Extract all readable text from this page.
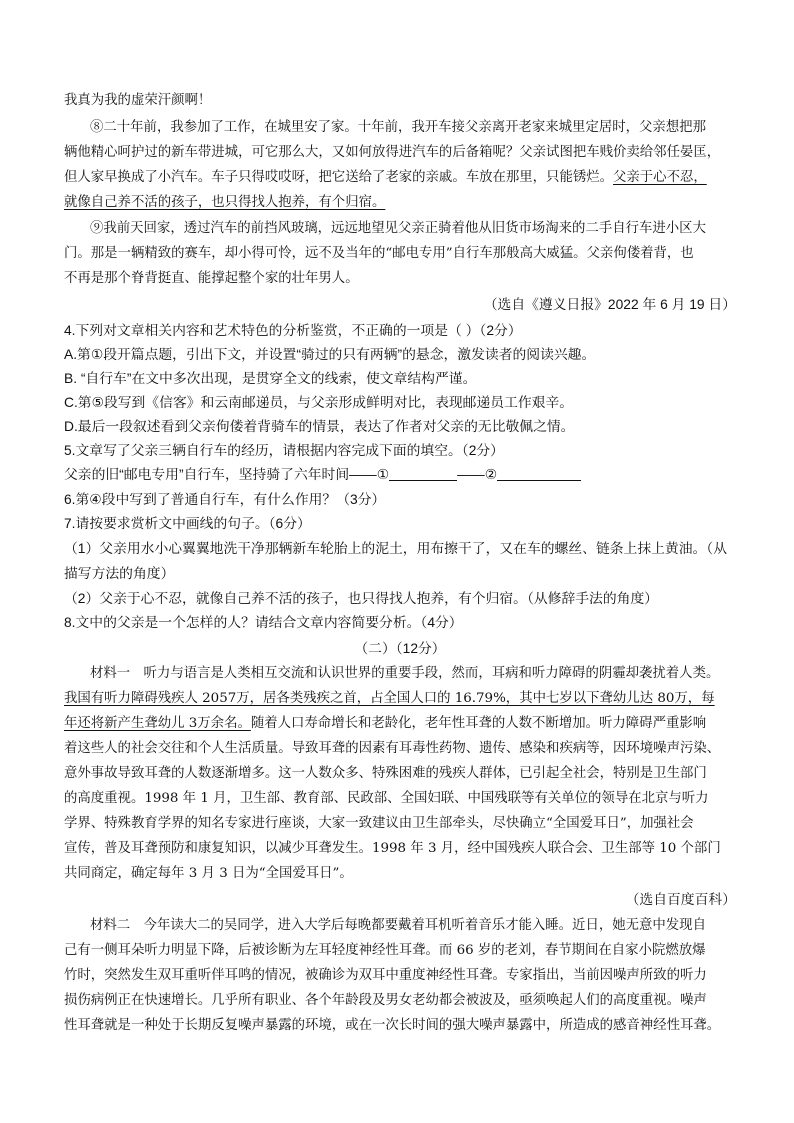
我真为我的虚荣汗颜啊！
⑧二十年前，我参加了工作，在城里安了家。十年前，我开车接父亲离开老家来城里定居时，父亲想把那
辆他精心呵护过的新车带进城，可它那么大，又如何放得进汽车的后备箱呢？父亲试图把车贱价卖给邻任晏匡，
但人家早换成了小汽车。车子只得哎哎呀，把它送给了老家的亲戚。车放在那里，只能锈烂。父亲于心不忍，
就像自己养不活的孩子，也只得找人抱养，有个归宿。
⑨我前天回家，透过汽车的前挡风玻璃，远远地望见父亲正骑着他从旧货市场淘来的二手自行车进小区大
门。那是一辆精致的赛车，却小得可怜，远不及当年的“邮电专用”自行车那般高大威猛。父亲佝偻着背，也
不再是那个脊背挺直、能撑起整个家的壮年男人。
（选自《遵义日报》2022 年 6 月 19 日）
4.下列对文章相关内容和艺术特色的分析鉴赏，不正确的一项是（ ）（2分）
A.第①段开篇点题，引出下文，并设置“骑过的只有两辆”的悬念，激发读者的阅读兴趣。
B. “自行车”在文中多次出现，是贯穿全文的线索，使文章结构严谨。
C.第⑤段写到《信客》和云南邮递员，与父亲形成鲜明对比，表现邮递员工作艰辛。
D.最后一段叙述看到父亲佝偻着背骑车的情景，表达了作者对父亲的无比敬佩之情。
5.文章写了父亲三辆自行车的经历，请根据内容完成下面的填空。（2分）
父亲的旧“邮电专用”自行车，坚持骑了六年时间——①	——②
6.第④段中写到了普通自行车，有什么作用？（3分）
7.请按要求赏析文中画线的句子。（6分）
（1）父亲用水小心翼翼地洗干净那辆新车轮胎上的泥土，用布擦干了，又在车的螺丝、链条上抹上黄油。（从
描写方法的角度）
（2）父亲于心不忍，就像自己养不活的孩子，也只得找人抱养，有个归宿。（从修辞手法的角度）
8.文中的父亲是一个怎样的人？请结合文章内容简要分析。（4分）
（二）（12分）
材料一　听力与语言是人类相互交流和认识世界的重要手段，然而，耳病和听力障碍的阴霾却袭扰着人类。
我国有听力障碍残疾人 2057万，居各类残疾之首，占全国人口的 16.79%，其中七岁以下聋幼儿达 80万，每
年还将新产生聋幼儿 3万余名。随着人口寿命增长和老龄化，老年性耳聋的人数不断增加。听力障碍严重影响
着这些人的社会交往和个人生活质量。导致耳聋的因素有耳毒性药物、遗传、感染和疾病等，因环境噪声污染、
意外事故导致耳聋的人数逐渐增多。这一人数众多、特殊困难的残疾人群体，已引起全社会，特别是卫生部门
的高度重视。1998 年 1 月，卫生部、教育部、民政部、全国妇联、中国残联等有关单位的领导在北京与听力
学界、特殊教育学界的知名专家进行座谈，大家一致建议由卫生部牵头，尽快确立“全国爱耳日”，加强社会
宣传，普及耳聋预防和康复知识，以减少耳聋发生。1998 年 3 月，经中国残疾人联合会、卫生部等 10 个部门
共同商定，确定每年 3 月 3 日为“全国爱耳日”。
（选自百度百科）
材料二　今年读大二的吴同学，进入大学后每晚都要戴着耳机听着音乐才能入睡。近日，她无意中发现自
己有一侧耳朵听力明显下降，后被诊断为左耳轻度神经性耳聋。而 66 岁的老刘，春节期间在自家小院燃放爆
竹时，突然发生双耳重听伴耳鸣的情况，被确诊为双耳中重度神经性耳聋。专家指出，当前因噪声所致的听力
损伤病例正在快速增长。几乎所有职业、各个年龄段及男女老幼都会被波及，亟须唤起人们的高度重视。噪声
性耳聋就是一种处于长期反复噪声暴露的环境，或在一次长时间的强大噪声暴露中，所造成的感音神经性耳聋。
